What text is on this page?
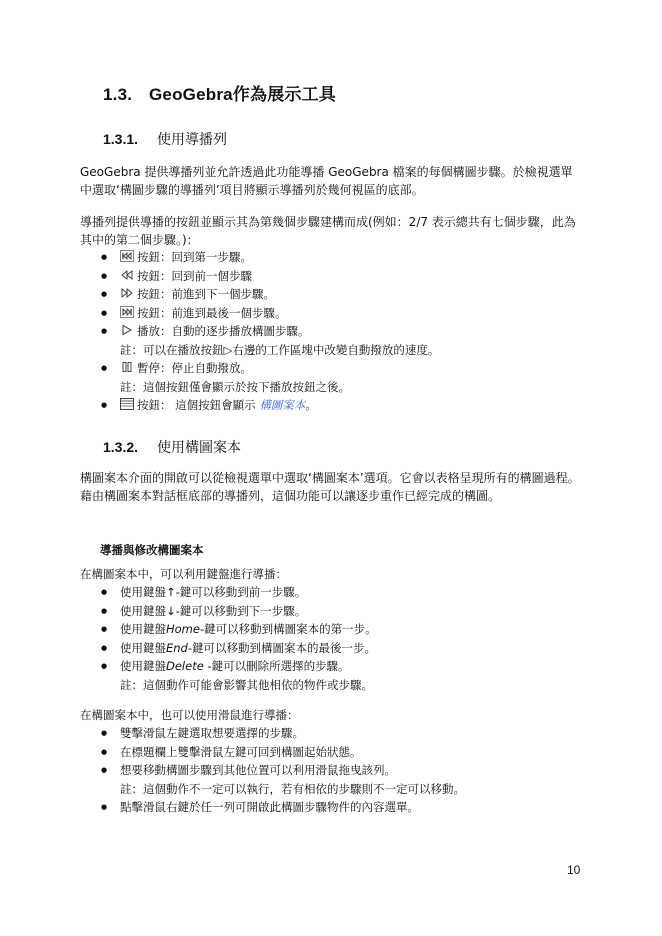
1.3. GeoGebra作為展示工具
1.3.1. 使用導播列
GeoGebra 提供導播列並允許透過此功能導播 GeoGebra 檔案的每個構圖步驟。於檢視選單中選取‘構圖步驟的導播列’項目將顯示導播列於幾何視區的底部。
導播列提供導播的按鈕並顯示其為第幾個步驟建構而成(例如：2/7 表示總共有七個步驟，此為其中的第二個步驟。)：
● 按鈕：回到第一步驟。
● 按鈕：回到前一個步驟
● 按鈕：前進到下一個步驟。
● 按鈕：前進到最後一個步驟。
● 播放：自動的逐步播放構圖步驟。
註：可以在播放按鈕▷右邊的工作區塊中改變自動撥放的速度。
● 暫停：停止自動撥放。
註：這個按鈕僅會顯示於按下播放按鈕之後。
● 按鈕： 這個按鈕會顯示 構圖案本。
1.3.2. 使用構圖案本
構圖案本介面的開啟可以從檢視選單中選取‘構圖案本’選項。它會以表格呈現所有的構圖過程。藉由構圖案本對話框底部的導播列，這個功能可以讓逐步重作已經完成的構圖。
導播與修改構圖案本
在構圖案本中，可以利用鍵盤進行導播：
● 使用鍵盤↑-鍵可以移動到前一步驟。
● 使用鍵盤↓-鍵可以移動到下一步驟。
● 使用鍵盤Home-鍵可以移動到構圖案本的第一步。
● 使用鍵盤End-鍵可以移動到構圖案本的最後一步。
● 使用鍵盤Delete -鍵可以刪除所選擇的步驟。
註：這個動作可能會影響其他相依的物件或步驟。
在構圖案本中，也可以使用滑鼠進行導播：
● 雙擊滑鼠左鍵選取想要選擇的步驟。
● 在標題欄上雙擊滑鼠左鍵可回到構圖起始狀態。
● 想要移動構圖步驟到其他位置可以利用滑鼠拖曳該列。
註：這個動作不一定可以執行，若有相依的步驟則不一定可以移動。
● 點擊滑鼠右鍵於任一列可開啟此構圖步驟物件的內容選單。
10
